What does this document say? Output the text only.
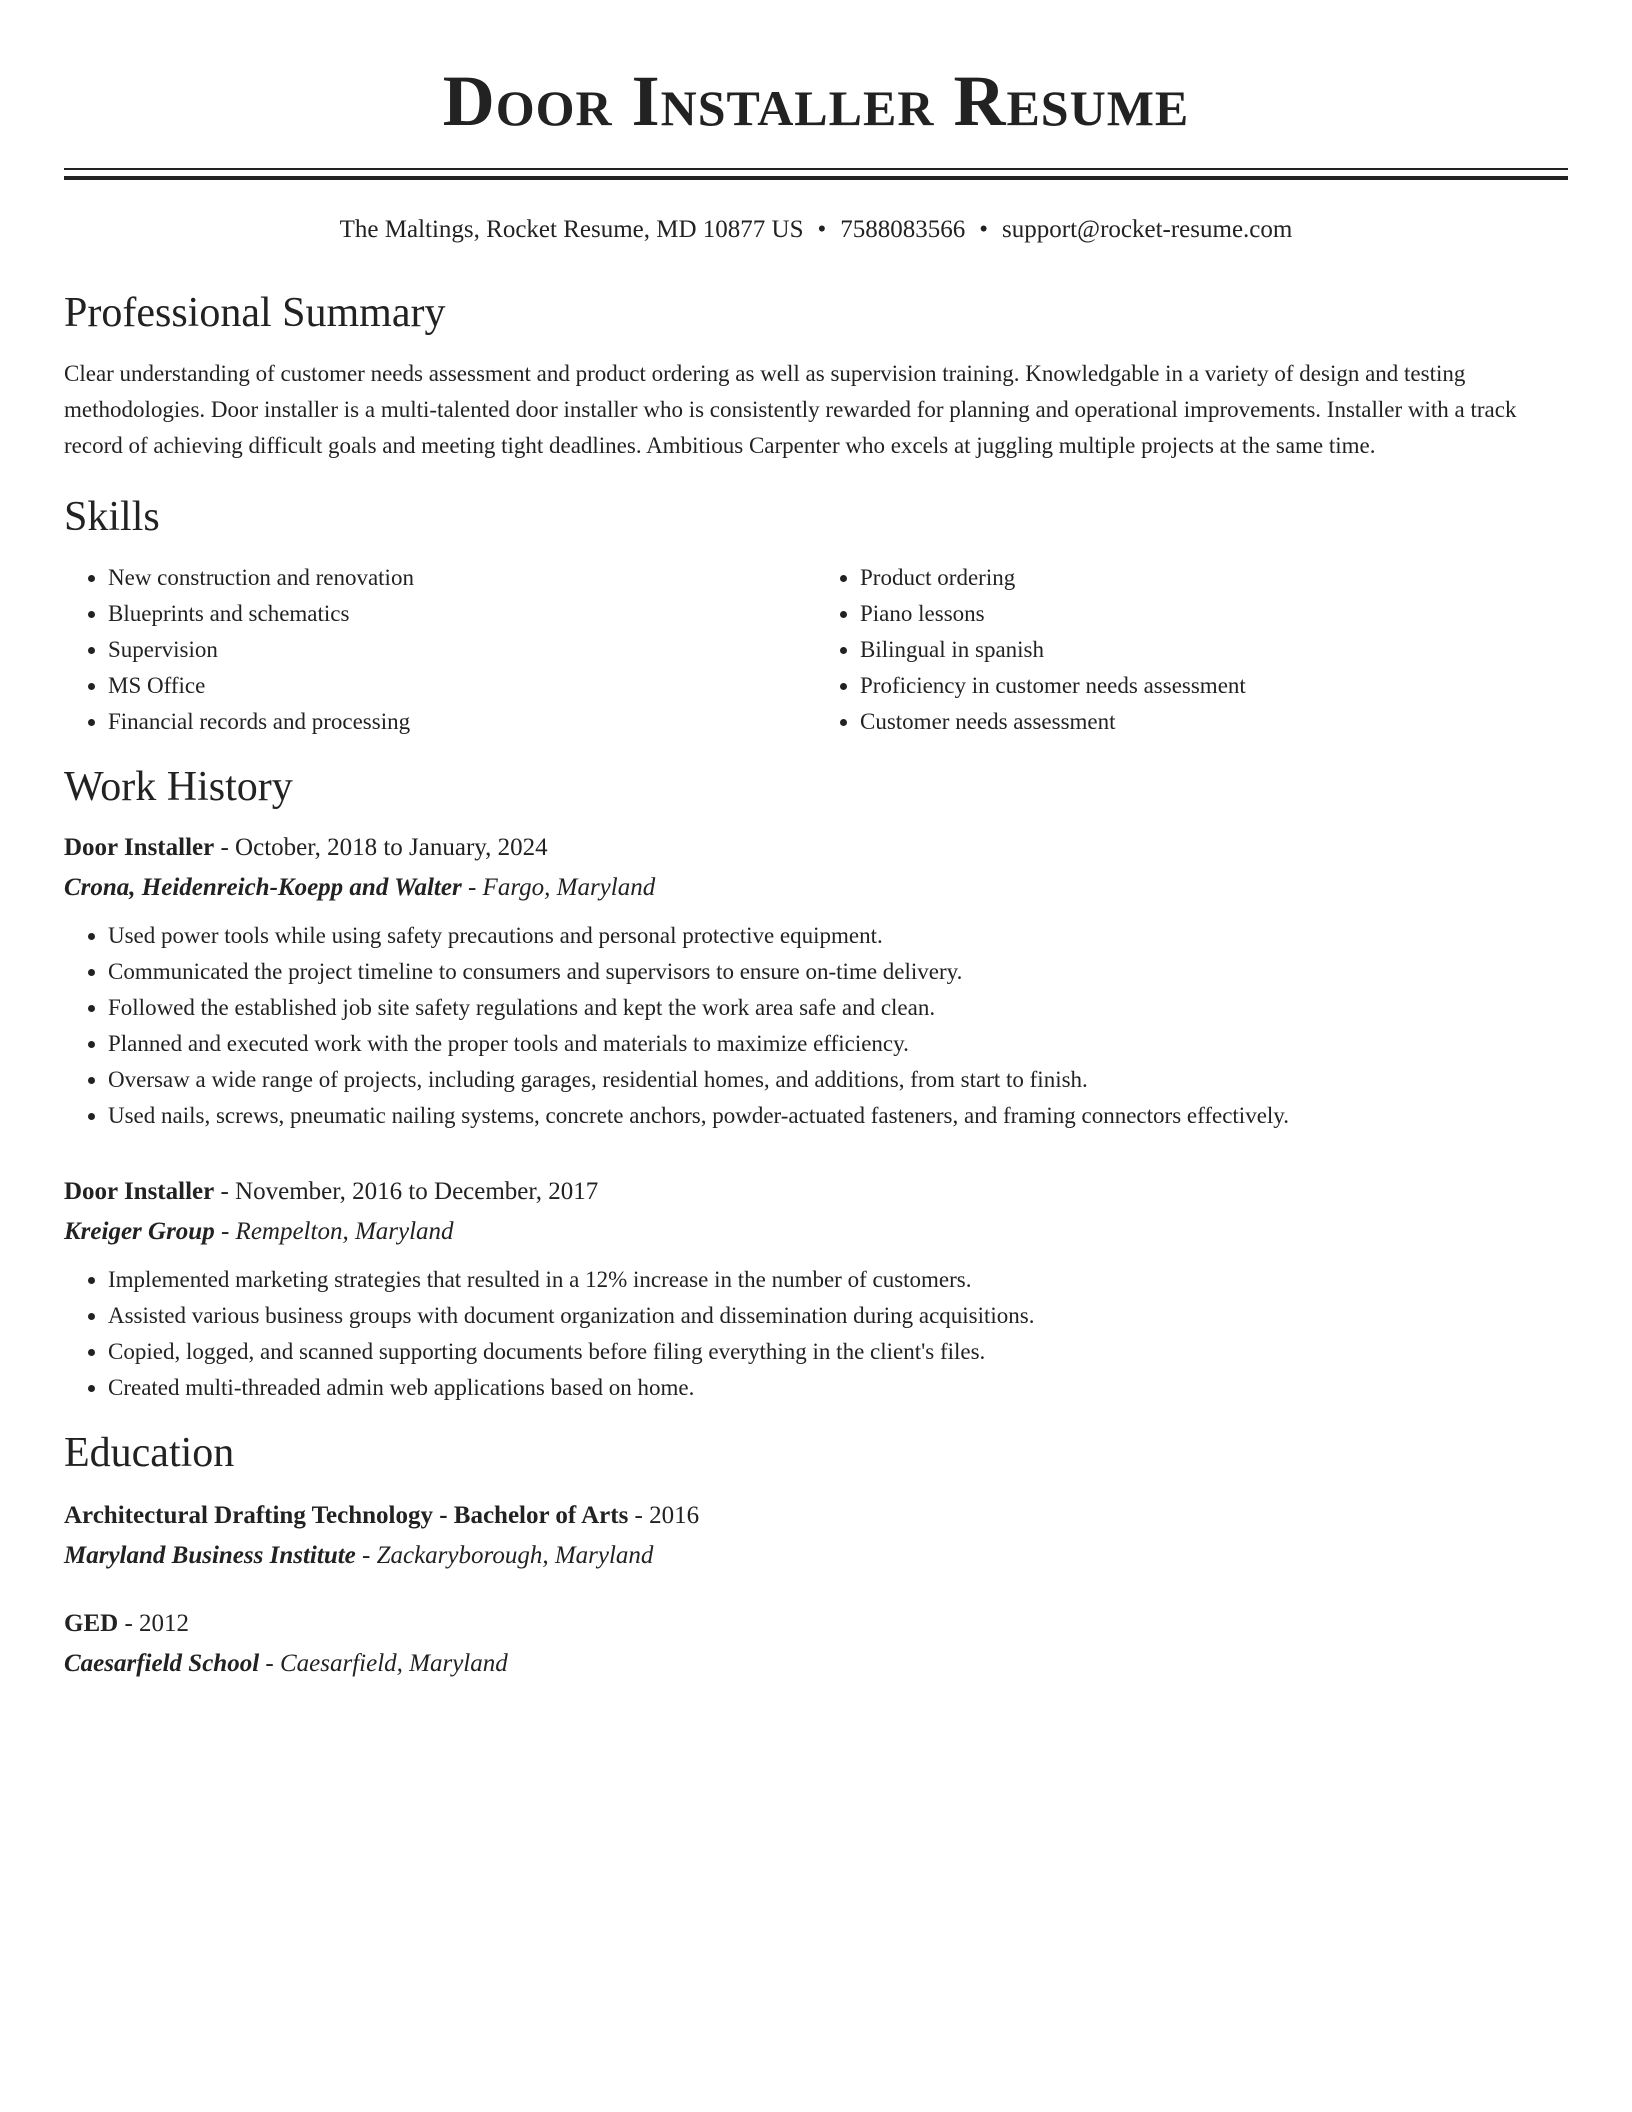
Door Installer Resume
The Maltings, Rocket Resume, MD 10877 US • 7588083566 • support@rocket-resume.com
Professional Summary
Clear understanding of customer needs assessment and product ordering as well as supervision training. Knowledgable in a variety of design and testing methodologies. Door installer is a multi-talented door installer who is consistently rewarded for planning and operational improvements. Installer with a track record of achieving difficult goals and meeting tight deadlines. Ambitious Carpenter who excels at juggling multiple projects at the same time.
Skills
• New construction and renovation
• Blueprints and schematics
• Supervision
• MS Office
• Financial records and processing
• Product ordering
• Piano lessons
• Bilingual in spanish
• Proficiency in customer needs assessment
• Customer needs assessment
Work History
Door Installer - October, 2018 to January, 2024
Crona, Heidenreich-Koepp and Walter - Fargo, Maryland
• Used power tools while using safety precautions and personal protective equipment.
• Communicated the project timeline to consumers and supervisors to ensure on-time delivery.
• Followed the established job site safety regulations and kept the work area safe and clean.
• Planned and executed work with the proper tools and materials to maximize efficiency.
• Oversaw a wide range of projects, including garages, residential homes, and additions, from start to finish.
• Used nails, screws, pneumatic nailing systems, concrete anchors, powder-actuated fasteners, and framing connectors effectively.
Door Installer - November, 2016 to December, 2017
Kreiger Group - Rempelton, Maryland
• Implemented marketing strategies that resulted in a 12% increase in the number of customers.
• Assisted various business groups with document organization and dissemination during acquisitions.
• Copied, logged, and scanned supporting documents before filing everything in the client's files.
• Created multi-threaded admin web applications based on home.
Education
Architectural Drafting Technology - Bachelor of Arts - 2016
Maryland Business Institute - Zackaryborough, Maryland
GED - 2012
Caesarfield School - Caesarfield, Maryland
